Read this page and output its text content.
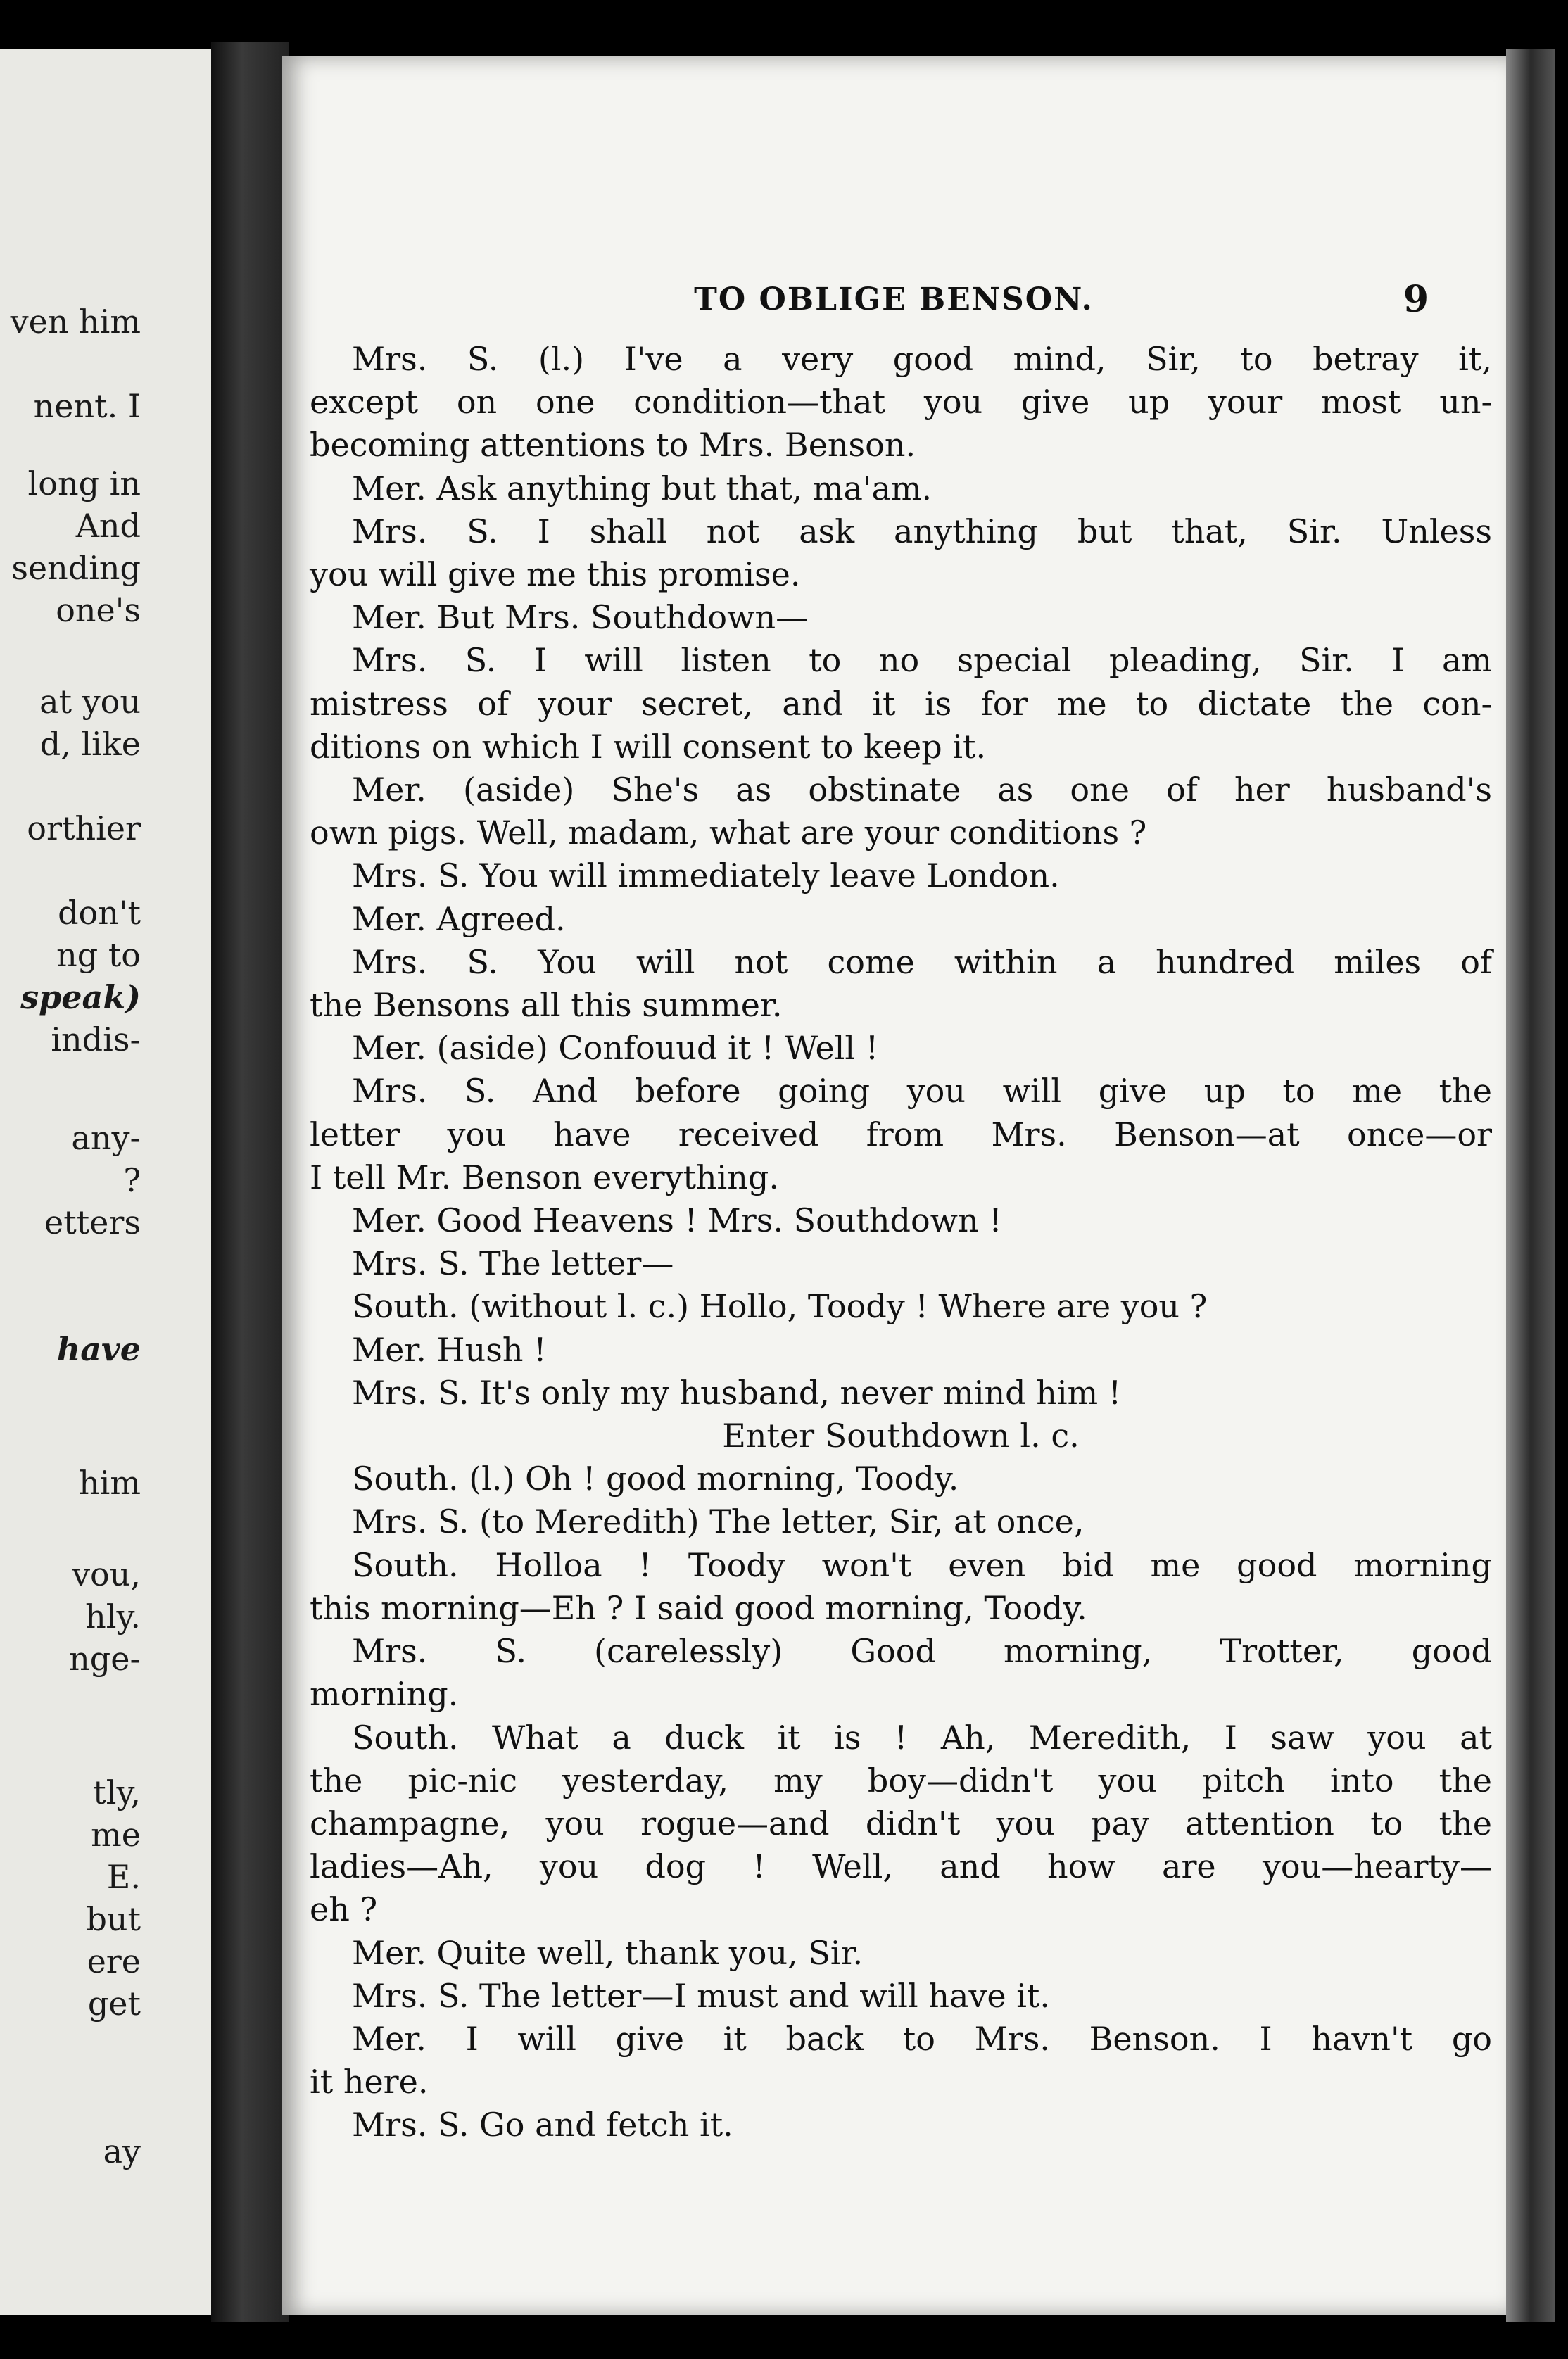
ven him
nent. I
long in
And
sending
one's
at you
d, like
orthier
don't
ng to
speak)
indis-
any-
?
etters
have
him
vou,
hly.
nge-
tly,
me
E.
but
ere
get
ay
TO OBLIGE BENSON.	9
Mrs. S. (l.) I've a very good mind, Sir, to betray it,
except on one condition—that you give up your most un-
becoming attentions to Mrs. Benson.
Mer. Ask anything but that, ma'am.
Mrs. S. I shall not ask anything but that, Sir. Unless
you will give me this promise.
Mer. But Mrs. Southdown—
Mrs. S. I will listen to no special pleading, Sir. I am
mistress of your secret, and it is for me to dictate the con-
ditions on which I will consent to keep it.
Mer. (aside) She's as obstinate as one of her husband's
own pigs. Well, madam, what are your conditions ?
Mrs. S. You will immediately leave London.
Mer. Agreed.
Mrs. S. You will not come within a hundred miles of
the Bensons all this summer.
Mer. (aside) Confouud it ! Well !
Mrs. S. And before going you will give up to me the
letter you have received from Mrs. Benson—at once—or
I tell Mr. Benson everything.
Mer. Good Heavens ! Mrs. Southdown !
Mrs. S. The letter—
South. (without l. c.) Hollo, Toody ! Where are you ?
Mer. Hush !
Mrs. S. It's only my husband, never mind him !
Enter Southdown l. c.
South. (l.) Oh ! good morning, Toody.
Mrs. S. (to Meredith) The letter, Sir, at once,
South. Holloa ! Toody won't even bid me good morning
this morning—Eh ? I said good morning, Toody.
Mrs. S. (carelessly) Good morning, Trotter, good
morning.
South. What a duck it is ! Ah, Meredith, I saw you at
the pic-nic yesterday, my boy—didn't you pitch into the
champagne, you rogue—and didn't you pay attention to the
ladies—Ah, you dog ! Well, and how are you—hearty—
eh ?
Mer. Quite well, thank you, Sir.
Mrs. S. The letter—I must and will have it.
Mer. I will give it back to Mrs. Benson. I havn't go
it here.
Mrs. S. Go and fetch it.
